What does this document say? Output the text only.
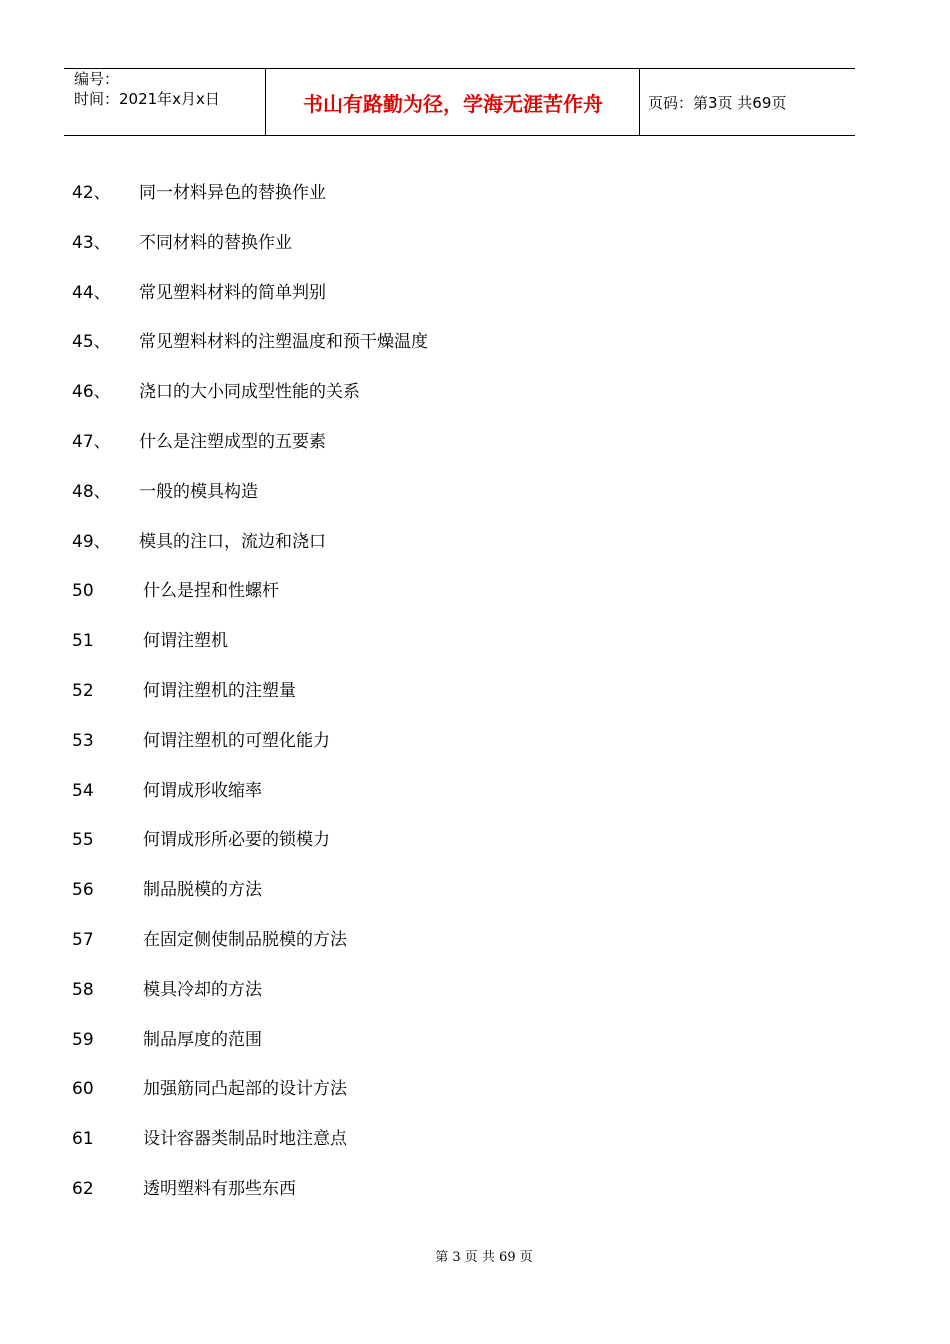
编号：
时间：2021年x月x日	书山有路勤为径，学海无涯苦作舟	页码：第3页 共69页
42、 同一材料异色的替换作业
43、 不同材料的替换作业
44、 常见塑料材料的简单判别
45、 常见塑料材料的注塑温度和预干燥温度
46、 浇口的大小同成型性能的关系
47、 什么是注塑成型的五要素
48、 一般的模具构造
49、 模具的注口，流边和浇口
50	什么是捏和性螺杆
51	何谓注塑机
52	何谓注塑机的注塑量
53	何谓注塑机的可塑化能力
54	何谓成形收缩率
55	何谓成形所必要的锁模力
56	制品脱模的方法
57	在固定侧使制品脱模的方法
58	模具冷却的方法
59	制品厚度的范围
60	加强筋同凸起部的设计方法
61	设计容器类制品时地注意点
62	透明塑料有那些东西
第 3 页 共 69 页
